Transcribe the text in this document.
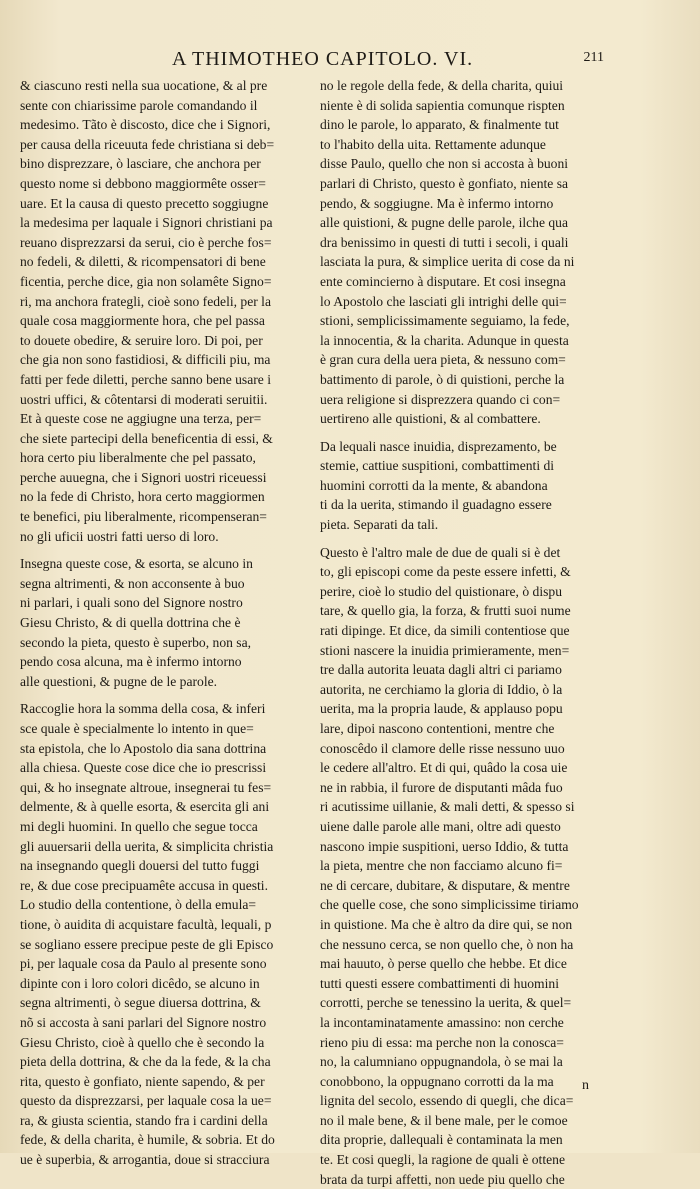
A THIMOTHEO CAPITOLO. VI.	211
& ciascuno resti nella sua uocatione, & al pre
sente con chiarissime parole comandando il
medesimo. Tãto è discosto, dice che i Signori,
per causa della riceuuta fede christiana si deb=
bino disprezzare, ò lasciare, che anchora per
questo nome si debbono maggiormête osser=
uare. Et la causa di questo precetto soggiugne
la medesima per laquale i Signori christiani pa
reuano disprezzarsi da serui, cio è perche fos=
no fedeli, & diletti, & ricompensatori di bene
ficentia, perche dice, gia non solamête Signo=
ri, ma anchora frategli, cioè sono fedeli, per la
quale cosa maggiormente hora, che pel passa
to douete obedire, & seruire loro. Di poi, per
che gia non sono fastidiosi, & difficili piu, ma
fatti per fede diletti, perche sanno bene usare i
uostri uffici, & côtentarsi di moderati seruitii.
Et à queste cose ne aggiugne una terza, per=
che siete partecipi della beneficentia di essi, &
hora certo piu liberalmente che pel passato,
perche auuegna, che i Signori uostri riceuessi
no la fede di Christo, hora certo maggiormen
te benefici, piu liberalmente, ricompenseran=
no gli uficii uostri fatti uerso di loro.
Insegna queste cose, & esorta, se alcuno in
segna altrimenti, & non acconsente à buo
ni parlari, i quali sono del Signore nostro
Giesu Christo, & di quella dottrina che è
secondo la pieta, questo è superbo, non sa,
pendo cosa alcuna, ma è infermo intorno
alle questioni, & pugne de le parole.
Raccoglie hora la somma della cosa, & inferi
sce quale è specialmente lo intento in que=
sta epistola, che lo Apostolo dia sana dottrina
alla chiesa. Queste cose dice che io prescrissi
qui, & ho insegnate altroue, insegnerai tu fes=
delmente, & à quelle esorta, & esercita gli ani
mi degli huomini. In quello che segue tocca
gli auuersarii della uerita, & simplicita christia
na insegnando quegli douersi del tutto fuggi
re, & due cose precipuamête accusa in questi.
Lo studio della contentione, ò della emula=
tione, ò auidita di acquistare facultà, lequali, p
se sogliano essere precipue peste de gli Episco
pi, per laquale cosa da Paulo al presente sono
dipinte con i loro colori dicêdo, se alcuno in
segna altrimenti, ò segue diuersa dottrina, &
nõ si accosta à sani parlari del Signore nostro
Giesu Christo, cioè à quello che è secondo la
pieta della dottrina, & che da la fede, & la cha
rita, questo è gonfiato, niente sapendo, & per
questo da disprezzarsi, per laquale cosa la ue=
ra, & giusta scientia, stando fra i cardini della
fede, & della charita, è humile, & sobria. Et do
ue è superbia, & arrogantia, doue si stracciura
no le regole della fede, & della charita, quiui
niente è di solida sapientia comunque rispten
dino le parole, lo apparato, & finalmente tut
to l'habito della uita. Rettamente adunque
disse Paulo, quello che non si accosta à buoni
parlari di Christo, questo è gonfiato, niente sa
pendo, & soggiugne. Ma è infermo intorno
alle quistioni, & pugne delle parole, ilche qua
dra benissimo in questi di tutti i secoli, i quali
lasciata la pura, & simplice uerita di cose da ni
ente comincierno à disputare. Et cosi insegna
lo Apostolo che lasciati gli intrighi delle qui=
stioni, semplicissimamente seguiamo, la fede,
la innocentia, & la charita. Adunque in questa
è gran cura della uera pieta, & nessuno com=
battimento di parole, ò di quistioni, perche la
uera religione si disprezzera quando ci con=
uertireno alle quistioni, & al combattere.
Da lequali nasce inuidia, disprezamento, be
stemie, cattiue suspitioni, combattimenti di
huomini corrotti da la mente, & abandona
ti da la uerita, stimando il guadagno essere
pieta. Separati da tali.
Questo è l'altro male de due de quali si è det
to, gli episcopi come da peste essere infetti, &
perire, cioè lo studio del quistionare, ò dispu
tare, & quello gia, la forza, & frutti suoi nume
rati dipinge. Et dice, da simili contentiose que
stioni nascere la inuidia primieramente, men=
tre dalla autorita leuata dagli altri ci pariamo
autorita, ne cerchiamo la gloria di Iddio, ò la
uerita, ma la propria laude, & applauso popu
lare, dipoi nascono contentioni, mentre che
conoscêdo il clamore delle risse nessuno uuo
le cedere all'altro. Et di qui, quâdo la cosa uie
ne in rabbia, il furore de disputanti mâda fuo
ri acutissime uillanie, & mali detti, & spesso si
uiene dalle parole alle mani, oltre adi questo
nascono impie suspitioni, uerso Iddio, & tutta
la pieta, mentre che non facciamo alcuno fi=
ne di cercare, dubitare, & disputare, & mentre
che quelle cose, che sono simplicissime tiriamo
in quistione. Ma che è altro da dire qui, se non
che nessuno cerca, se non quello che, ò non ha
mai hauuto, ò perse quello che hebbe. Et dice
tutti questi essere combattimenti di huomini
corrotti, perche se tenessino la uerita, & quel=
la incontaminatamente amassino: non cerche
rieno piu di essa: ma perche non la conosca=
no, la calumniano oppugnandola, ò se mai la
conobbono, la oppugnano corrotti da la ma
lignita del secolo, essendo di quegli, che dica=
no il male bene, & il bene male, per le comoe
dita proprie, dallequali è contaminata la men
te. Et cosi quegli, la ragione de quali è ottene
brata da turpi affetti, non uede piu quello che
n
